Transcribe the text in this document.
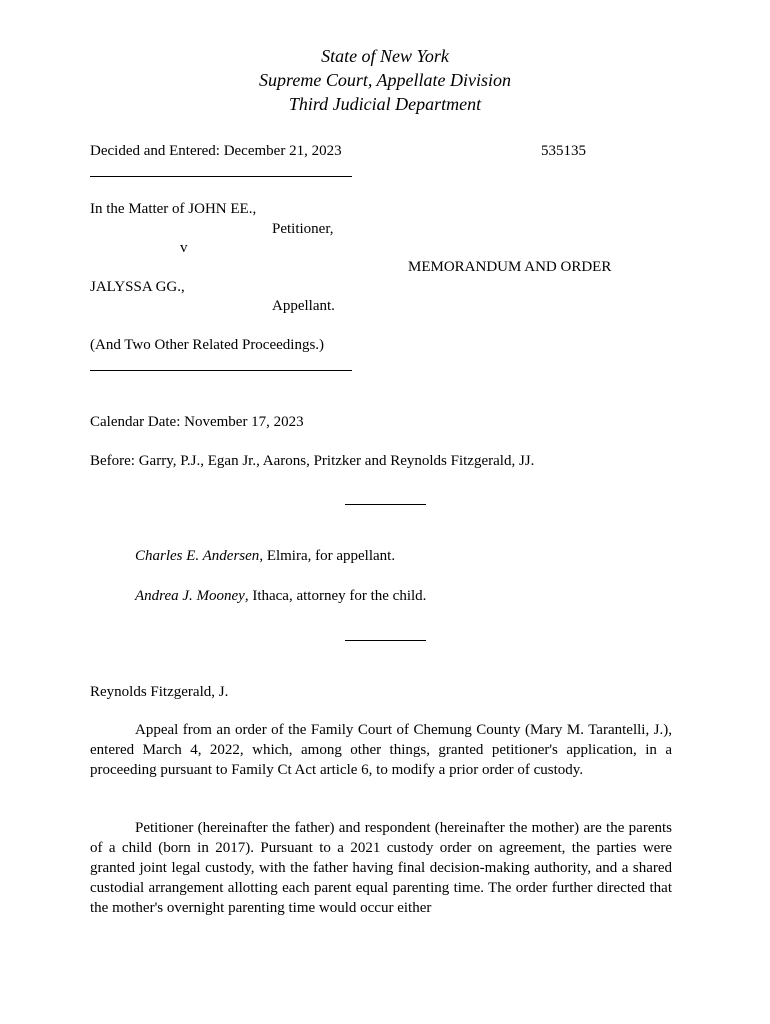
State of New York
Supreme Court, Appellate Division
Third Judicial Department
Decided and Entered: December 21, 2023	535135
In the Matter of JOHN EE.,
Petitioner,
v
MEMORANDUM AND ORDER
JALYSSA GG.,
Appellant.
(And Two Other Related Proceedings.)
Calendar Date: November 17, 2023
Before: Garry, P.J., Egan Jr., Aarons, Pritzker and Reynolds Fitzgerald, JJ.
Charles E. Andersen, Elmira, for appellant.
Andrea J. Mooney, Ithaca, attorney for the child.
Reynolds Fitzgerald, J.
Appeal from an order of the Family Court of Chemung County (Mary M. Tarantelli, J.), entered March 4, 2022, which, among other things, granted petitioner's application, in a proceeding pursuant to Family Ct Act article 6, to modify a prior order of custody.
Petitioner (hereinafter the father) and respondent (hereinafter the mother) are the parents of a child (born in 2017). Pursuant to a 2021 custody order on agreement, the parties were granted joint legal custody, with the father having final decision-making authority, and a shared custodial arrangement allotting each parent equal parenting time. The order further directed that the mother's overnight parenting time would occur either
